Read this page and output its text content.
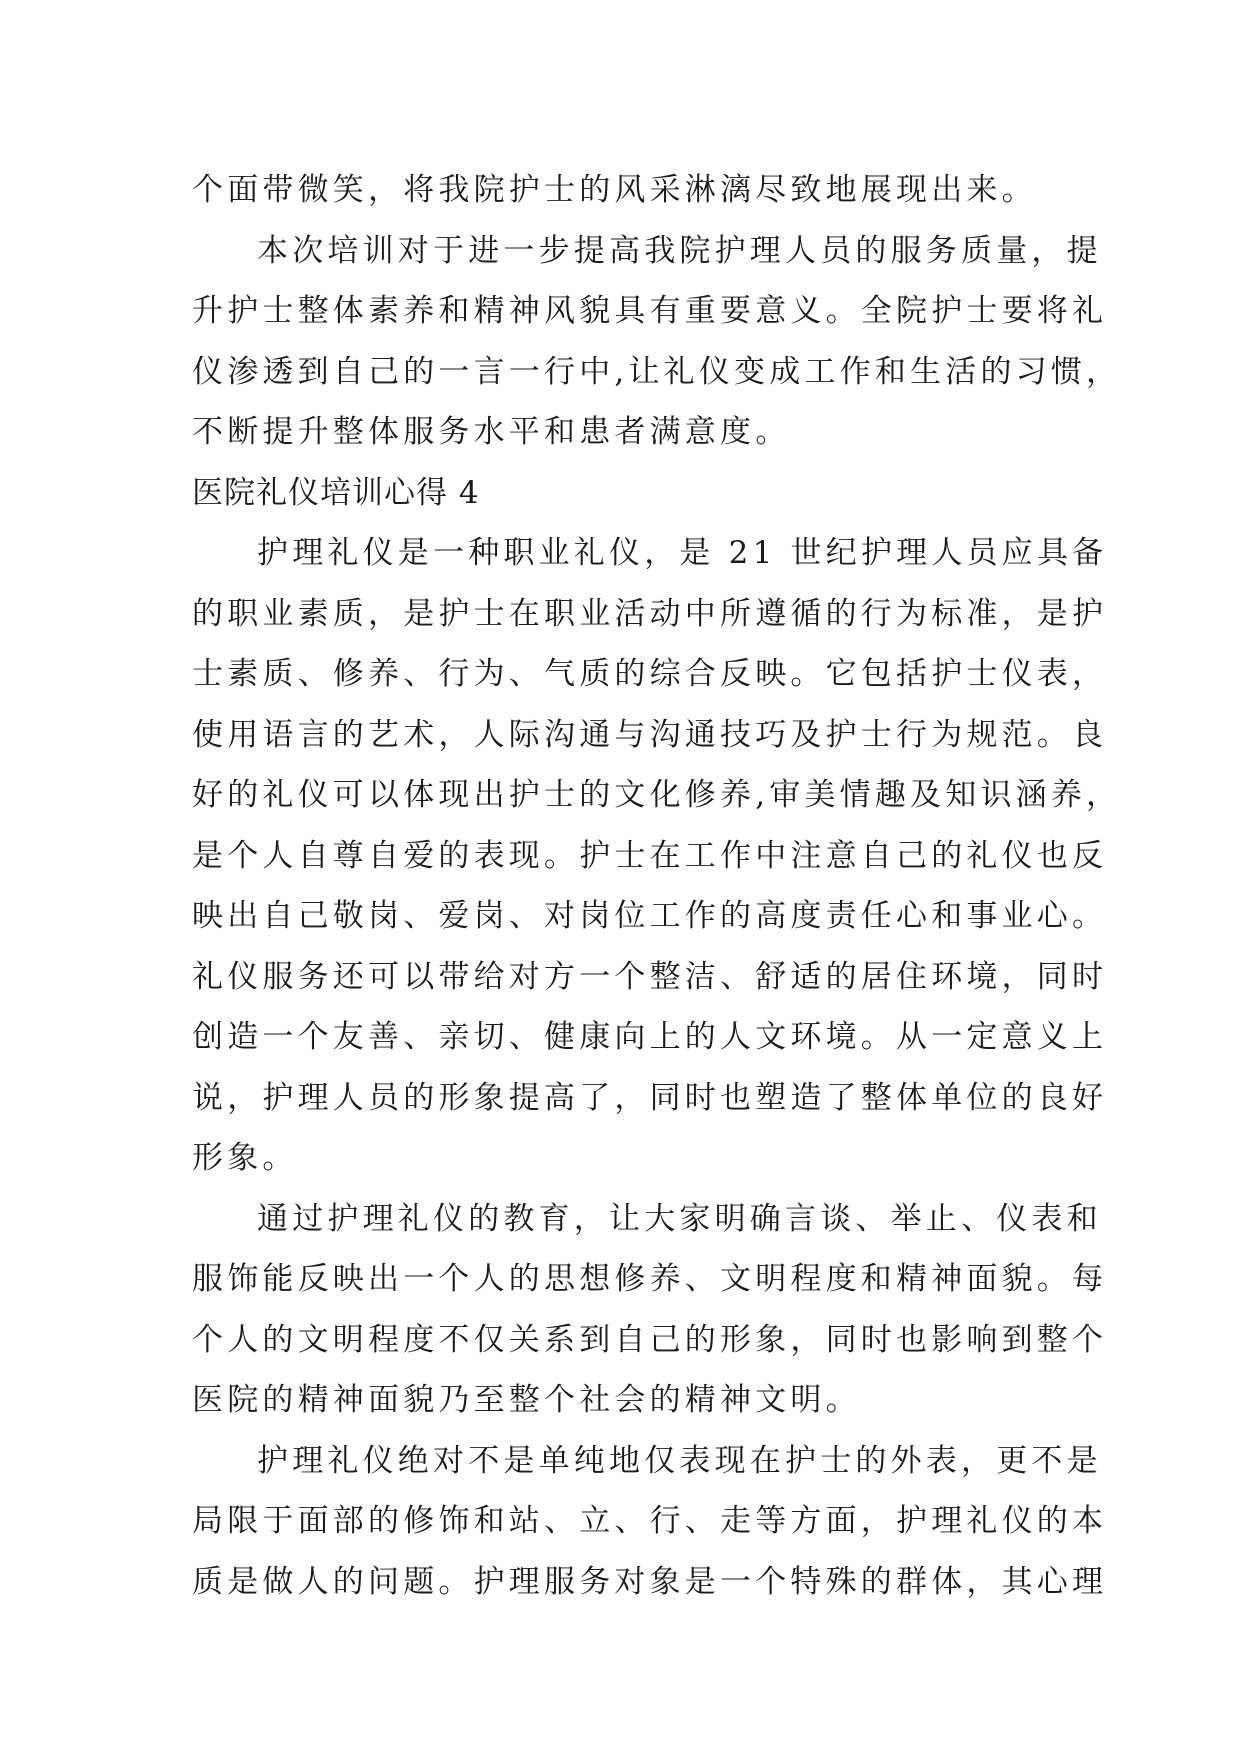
个面带微笑，将我院护士的风采淋漓尽致地展现出来。
本次培训对于进一步提高我院护理人员的服务质量，提
升护士整体素养和精神风貌具有重要意义。全院护士要将礼
仪渗透到自己的一言一行中,让礼仪变成工作和生活的习惯，
不断提升整体服务水平和患者满意度。
医院礼仪培训心得 4
护理礼仪是一种职业礼仪，是 21 世纪护理人员应具备
的职业素质，是护士在职业活动中所遵循的行为标准，是护
士素质、修养、行为、气质的综合反映。它包括护士仪表，
使用语言的艺术，人际沟通与沟通技巧及护士行为规范。良
好的礼仪可以体现出护士的文化修养,审美情趣及知识涵养，
是个人自尊自爱的表现。护士在工作中注意自己的礼仪也反
映出自己敬岗、爱岗、对岗位工作的高度责任心和事业心。
礼仪服务还可以带给对方一个整洁、舒适的居住环境，同时
创造一个友善、亲切、健康向上的人文环境。从一定意义上
说，护理人员的形象提高了，同时也塑造了整体单位的良好
形象。
通过护理礼仪的教育，让大家明确言谈、举止、仪表和
服饰能反映出一个人的思想修养、文明程度和精神面貌。每
个人的文明程度不仅关系到自己的形象，同时也影响到整个
医院的精神面貌乃至整个社会的精神文明。
护理礼仪绝对不是单纯地仅表现在护士的外表，更不是
局限于面部的修饰和站、立、行、走等方面，护理礼仪的本
质是做人的问题。护理服务对象是一个特殊的群体，其心理
